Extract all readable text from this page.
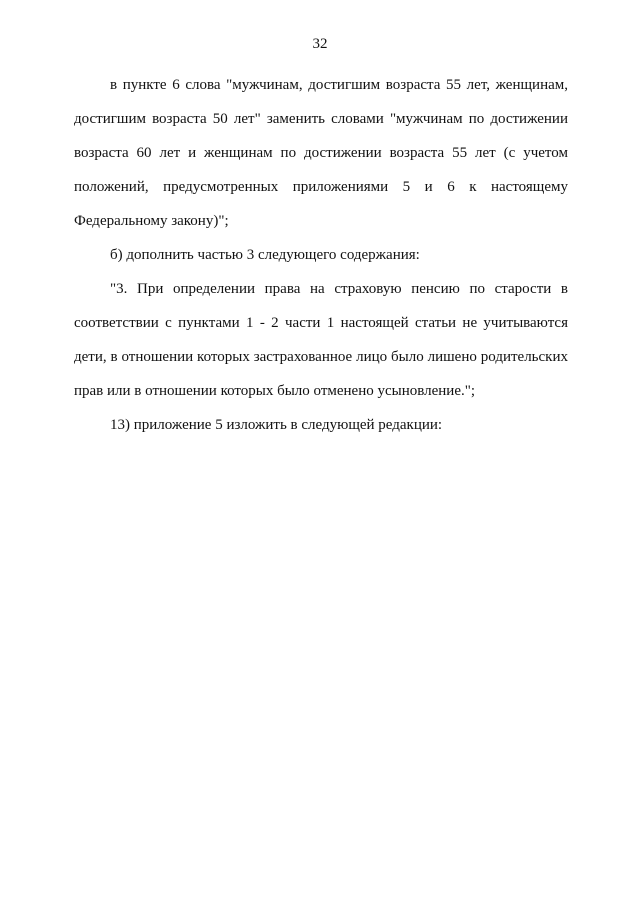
32

в пункте 6 слова "мужчинам, достигшим возраста 55 лет, женщинам, достигшим возраста 50 лет" заменить словами "мужчинам по достижении возраста 60 лет и женщинам по достижении возраста 55 лет (с учетом положений, предусмотренных приложениями 5 и 6 к настоящему Федеральному закону)";

б) дополнить частью 3 следующего содержания:

"3. При определении права на страховую пенсию по старости в соответствии с пунктами 1 - 2 части 1 настоящей статьи не учитываются дети, в отношении которых застрахованное лицо было лишено родительских прав или в отношении которых было отменено усыновление.";

13) приложение 5 изложить в следующей редакции:
